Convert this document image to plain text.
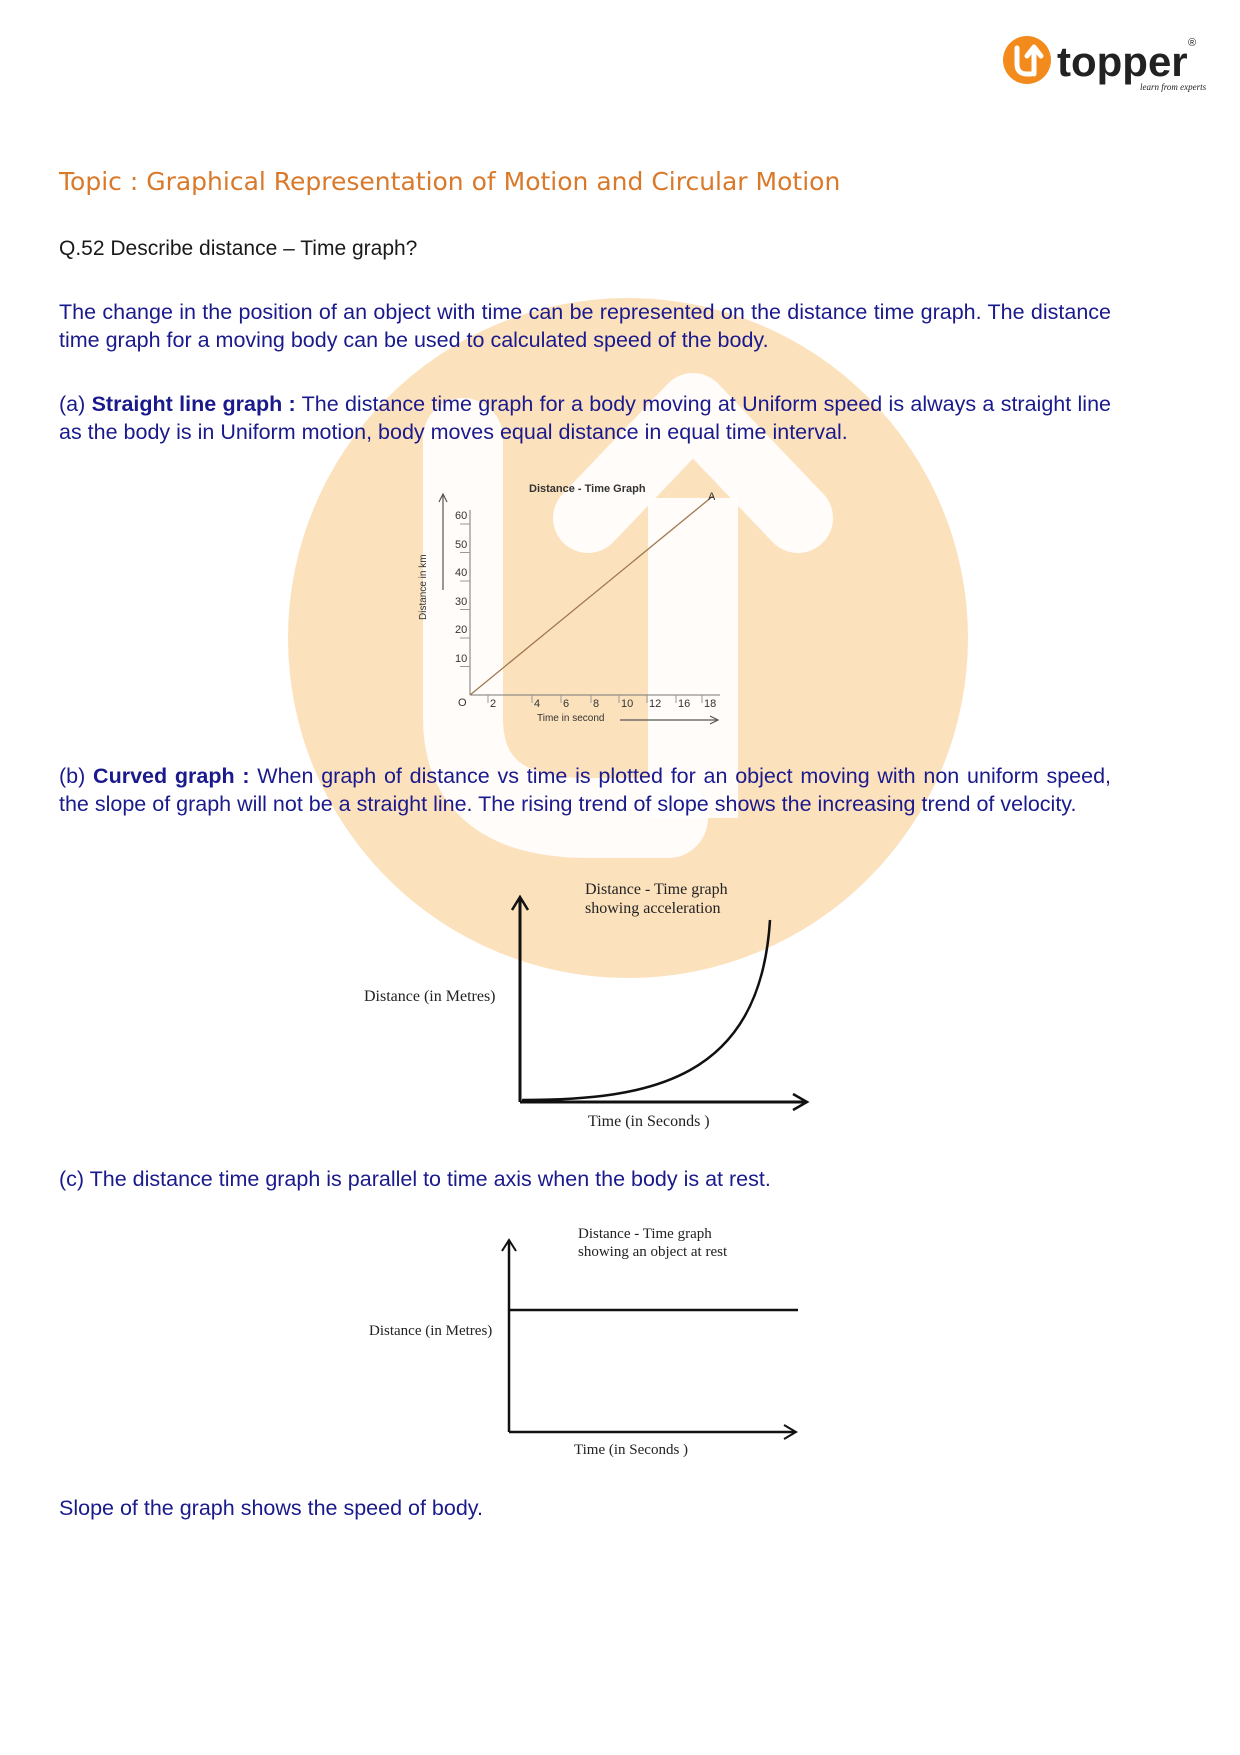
topper ®
learn from experts
Topic : Graphical Representation of Motion and Circular Motion
Q.52 Describe distance – Time graph?
The change in the position of an object with time can be represented on the distance time graph. The distance time graph for a moving body can be used to calculated speed of the body.
(a) Straight line graph : The distance time graph for a body moving at Uniform speed is always a straight line as the body is in Uniform motion, body moves equal distance in equal time interval.
Distance - Time Graph
A
Distance in km
Time in second
O
10
20
30
40
50
60
2	4 6 8 10 12 16 18
(b) Curved graph : When graph of distance vs time is plotted for an object moving with non uniform speed, the slope of graph will not be a straight line. The rising trend of slope shows the increasing trend of velocity.
Distance - Time graph
showing acceleration
Distance (in Metres)
Time (in Seconds )
(c) The distance time graph is parallel to time axis when the body is at rest.
Distance - Time graph
showing an object at rest
Distance (in Metres)
Time (in Seconds )
Slope of the graph shows the speed of body.
